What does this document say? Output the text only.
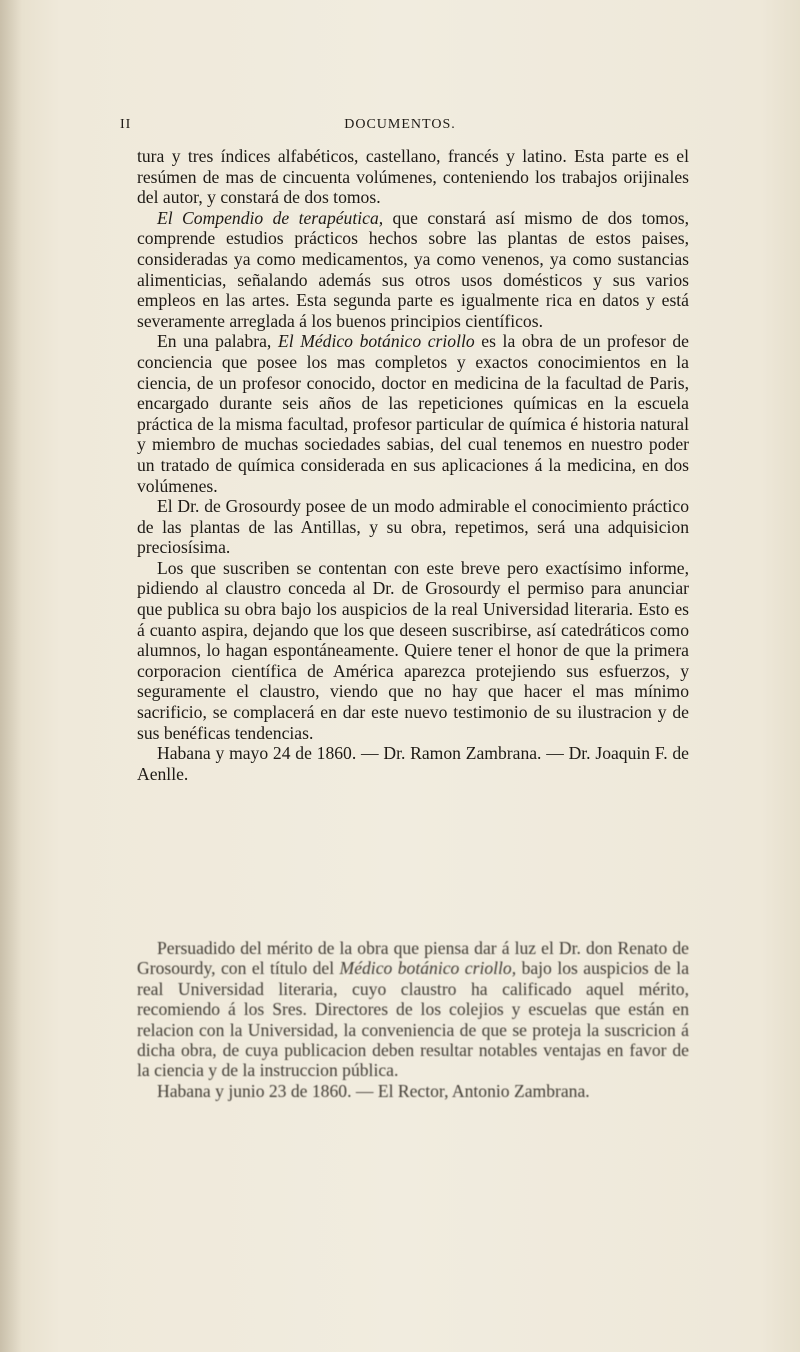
II	DOCUMENTOS.

tura y tres índices alfabéticos, castellano, francés y latino. Esta parte es el resúmen de mas de cincuenta volúmenes, conteniendo los trabajos orijinales del autor, y constará de dos tomos.

El Compendio de terapéutica, que constará así mismo de dos tomos, comprende estudios prácticos hechos sobre las plantas de estos paises, consideradas ya como medicamentos, ya como venenos, ya como sustancias alimenticias, señalando además sus otros usos domésticos y sus varios empleos en las artes. Esta segunda parte es igualmente rica en datos y está severamente arreglada á los buenos principios científicos.

En una palabra, El Médico botánico criollo es la obra de un profesor de conciencia que posee los mas completos y exactos conocimientos en la ciencia, de un profesor conocido, doctor en medicina de la facultad de Paris, encargado durante seis años de las repeticiones químicas en la escuela práctica de la misma facultad, profesor particular de química é historia natural y miembro de muchas sociedades sabias, del cual tenemos en nuestro poder un tratado de química considerada en sus aplicaciones á la medicina, en dos volúmenes.

El Dr. de Grosourdy posee de un modo admirable el conocimiento práctico de las plantas de las Antillas, y su obra, repetimos, será una adquisicion preciosísima.

Los que suscriben se contentan con este breve pero exactísimo informe, pidiendo al claustro conceda al Dr. de Grosourdy el permiso para anunciar que publica su obra bajo los auspicios de la real Universidad literaria. Esto es á cuanto aspira, dejando que los que deseen suscribirse, así catedráticos como alumnos, lo hagan espontáneamente. Quiere tener el honor de que la primera corporacion científica de América aparezca protejiendo sus esfuerzos, y seguramente el claustro, viendo que no hay que hacer el mas mínimo sacrificio, se complacerá en dar este nuevo testimonio de su ilustracion y de sus benéficas tendencias.

Habana y mayo 24 de 1860. — Dr. Ramon Zambrana. — Dr. Joaquin F. de Aenlle.

Persuadido del mérito de la obra que piensa dar á luz el Dr. don Renato de Grosourdy, con el título del Médico botánico criollo, bajo los auspicios de la real Universidad literaria, cuyo claustro ha calificado aquel mérito, recomiendo á los Sres. Directores de los colejios y escuelas que están en relacion con la Universidad, la conveniencia de que se proteja la suscricion á dicha obra, de cuya publicacion deben resultar notables ventajas en favor de la ciencia y de la instruccion pública.

Habana y junio 23 de 1860. — El Rector, Antonio Zambrana.
